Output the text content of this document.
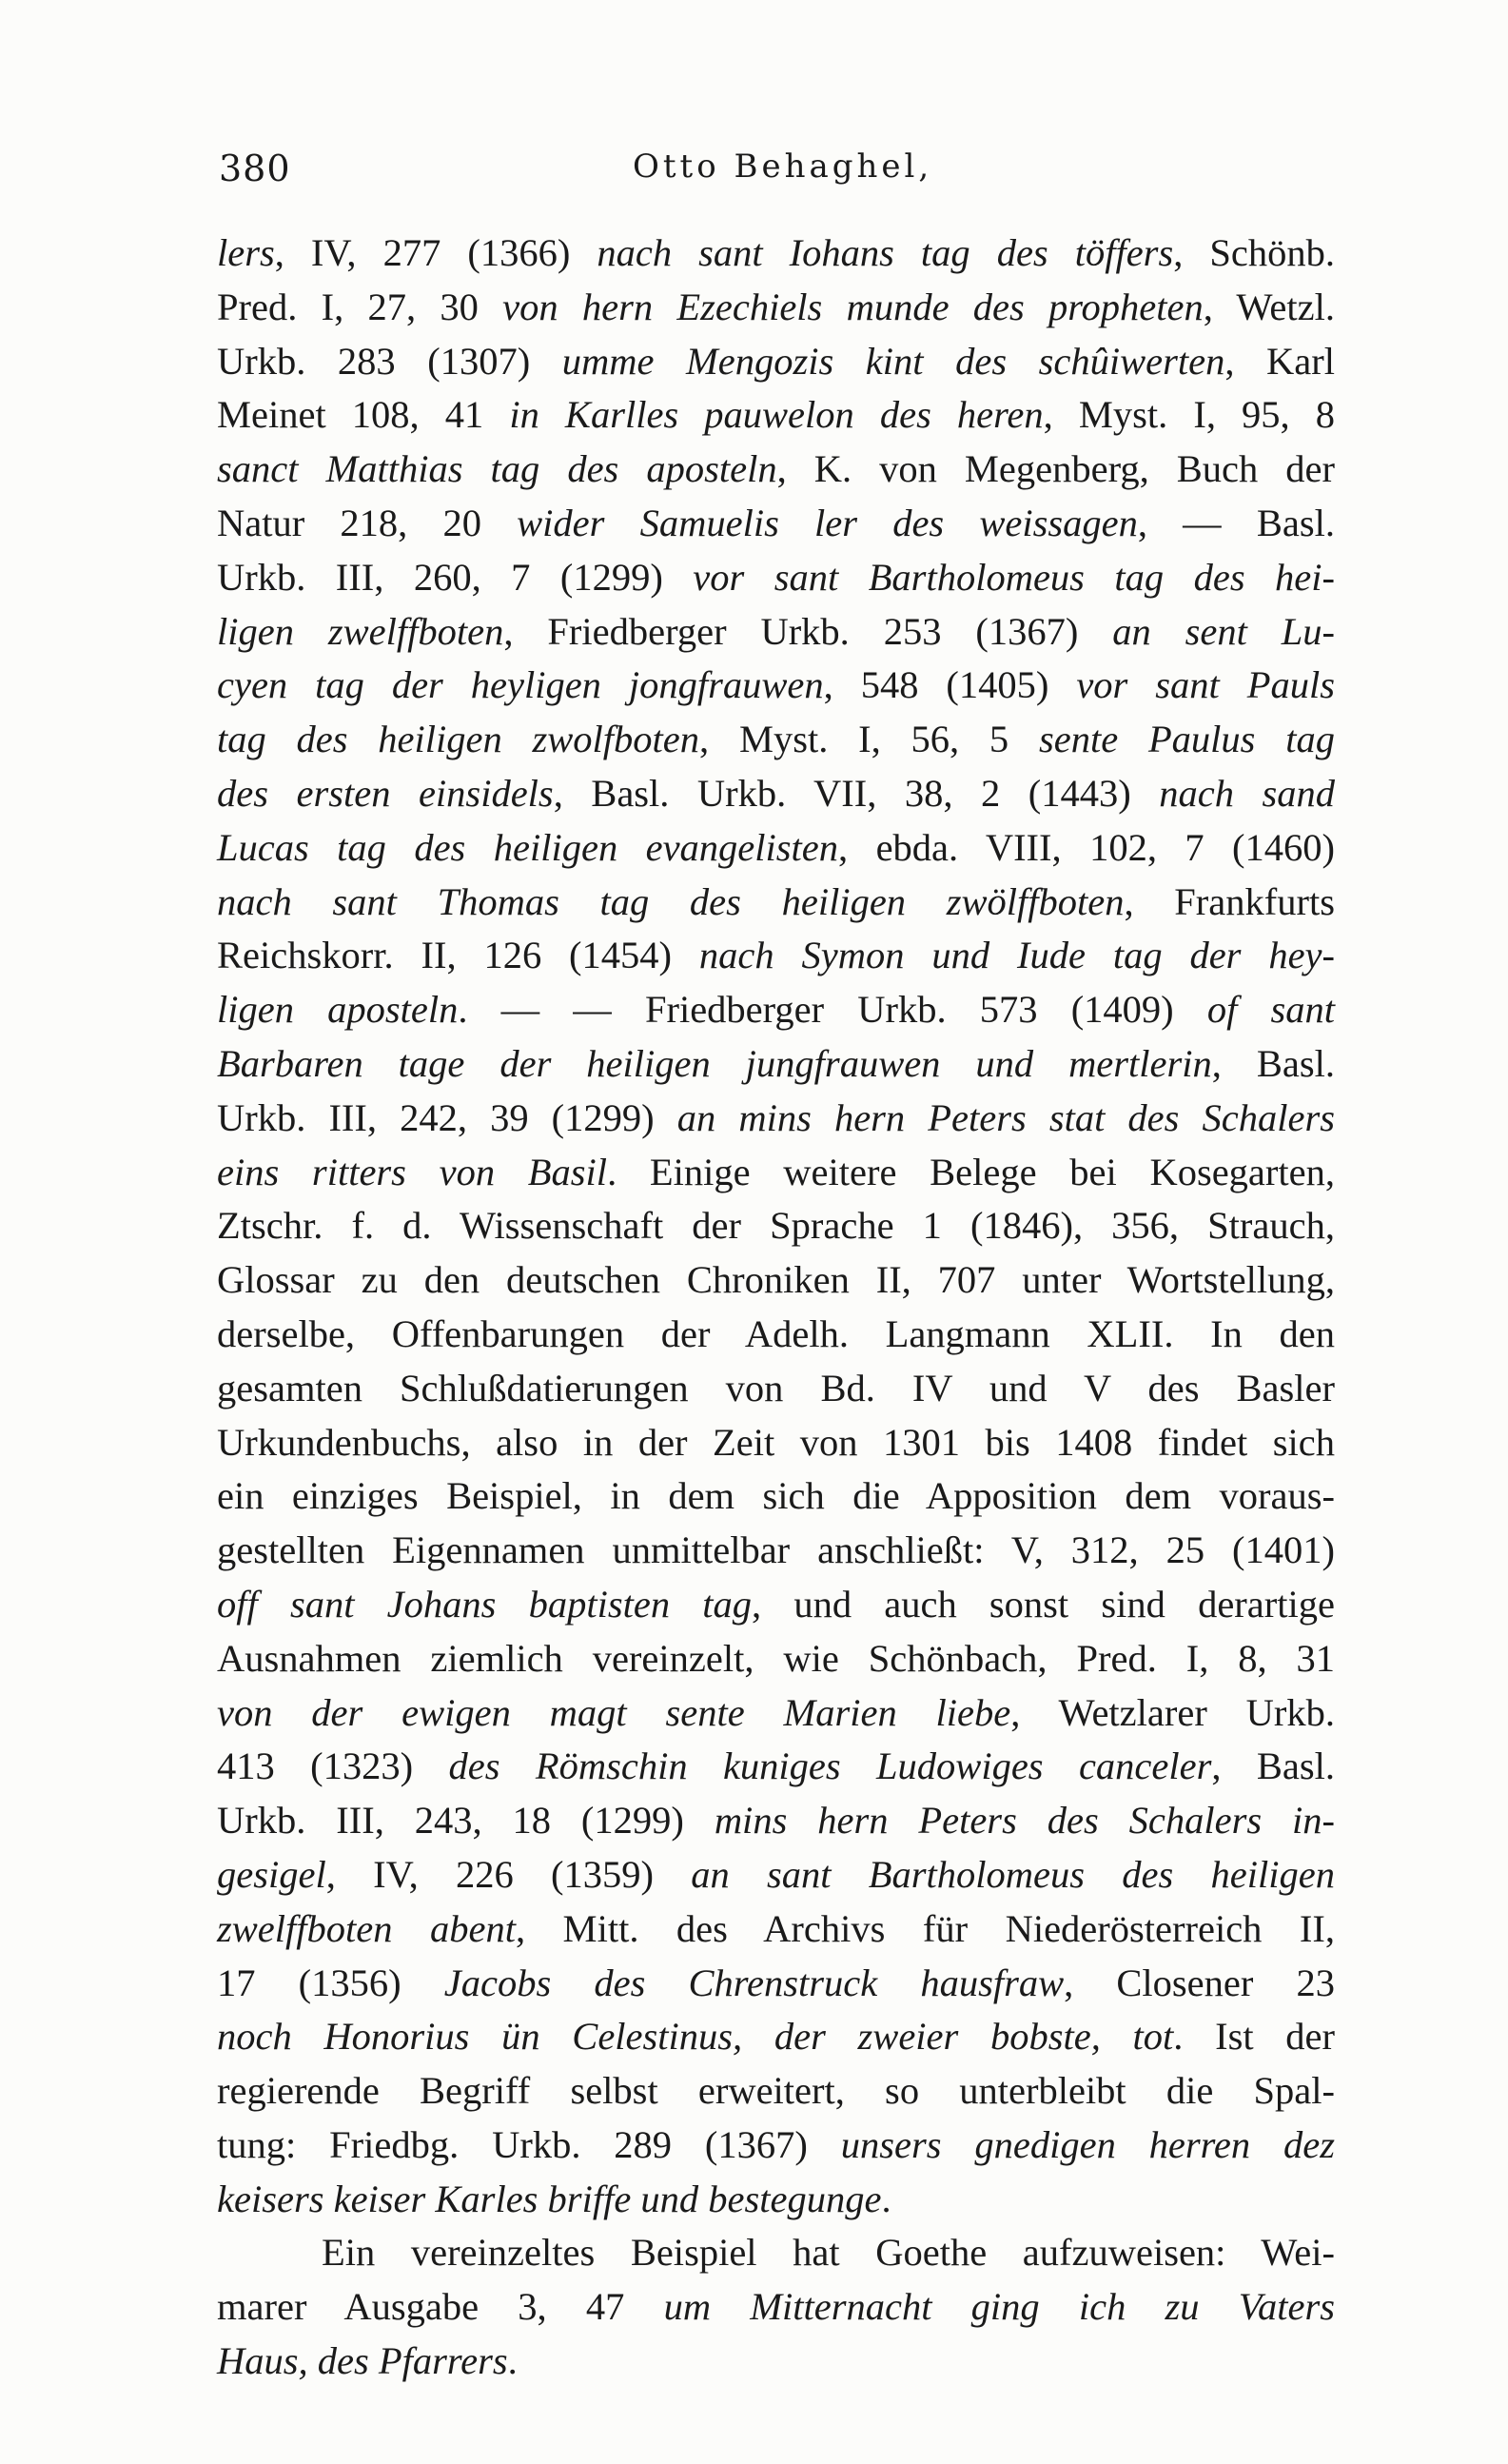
380	Otto Behaghel,
lers, IV, 277 (1366) nach sant Iohans tag des töffers, Schönb.
Pred. I, 27, 30 von hern Ezechiels munde des propheten, Wetzl.
Urkb. 283 (1307) umme Mengozis kint des schûiwerten, Karl
Meinet 108, 41 in Karlles pauwelon des heren, Myst. I, 95, 8
sanct Matthias tag des aposteln, K. von Megenberg, Buch der
Natur 218, 20 wider Samuelis ler des weissagen, — Basl.
Urkb. III, 260, 7 (1299) vor sant Bartholomeus tag des hei-
ligen zwelffboten, Friedberger Urkb. 253 (1367) an sent Lu-
cyen tag der heyligen jongfrauwen, 548 (1405) vor sant Pauls
tag des heiligen zwolfboten, Myst. I, 56, 5 sente Paulus tag
des ersten einsidels, Basl. Urkb. VII, 38, 2 (1443) nach sand
Lucas tag des heiligen evangelisten, ebda. VIII, 102, 7 (1460)
nach sant Thomas tag des heiligen zwölffboten, Frankfurts
Reichskorr. II, 126 (1454) nach Symon und Iude tag der hey-
ligen aposteln. — — Friedberger Urkb. 573 (1409) of sant
Barbaren tage der heiligen jungfrauwen und mertlerin, Basl.
Urkb. III, 242, 39 (1299) an mins hern Peters stat des Schalers
eins ritters von Basil. Einige weitere Belege bei Kosegarten,
Ztschr. f. d. Wissenschaft der Sprache 1 (1846), 356, Strauch,
Glossar zu den deutschen Chroniken II, 707 unter Wortstellung,
derselbe, Offenbarungen der Adelh. Langmann XLII. In den
gesamten Schlußdatierungen von Bd. IV und V des Basler
Urkundenbuchs, also in der Zeit von 1301 bis 1408 findet sich
ein einziges Beispiel, in dem sich die Apposition dem voraus-
gestellten Eigennamen unmittelbar anschließt: V, 312, 25 (1401)
off sant Johans baptisten tag, und auch sonst sind derartige
Ausnahmen ziemlich vereinzelt, wie Schönbach, Pred. I, 8, 31
von der ewigen magt sente Marien liebe, Wetzlarer Urkb.
413 (1323) des Römschin kuniges Ludowiges canceler, Basl.
Urkb. III, 243, 18 (1299) mins hern Peters des Schalers in-
gesigel, IV, 226 (1359) an sant Bartholomeus des heiligen
zwelffboten abent, Mitt. des Archivs für Niederösterreich II,
17 (1356) Jacobs des Chrenstruck hausfraw, Closener 23
noch Honorius ün Celestinus, der zweier bobste, tot. Ist der
regierende Begriff selbst erweitert, so unterbleibt die Spal-
tung: Friedbg. Urkb. 289 (1367) unsers gnedigen herren dez
keisers keiser Karles briffe und bestegunge.
Ein vereinzeltes Beispiel hat Goethe aufzuweisen: Wei-
marer Ausgabe 3, 47 um Mitternacht ging ich zu Vaters
Haus, des Pfarrers.
